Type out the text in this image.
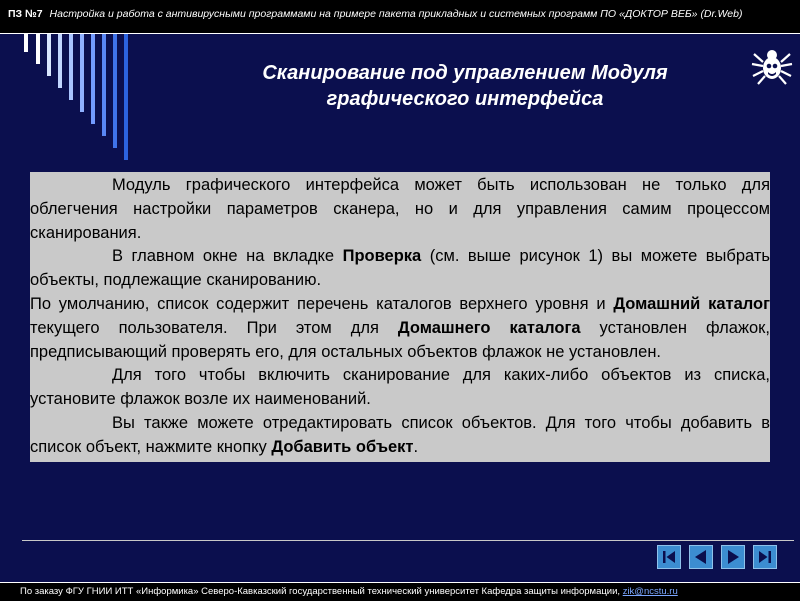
ПЗ №7 Настройка и работа с антивирусными программами на примере пакета прикладных и системных программ ПО «ДОКТОР ВЕБ» (Dr.Web)
Сканирование под управлением Модуля
графического интерфейса

Модуль графического интерфейса может быть использован не только для облегчения настройки параметров сканера, но и для управления самим процессом сканирования.

В главном окне на вкладке Проверка (см. выше рисунок 1) вы можете выбрать объекты, подлежащие сканированию.

По умолчанию, список содержит перечень каталогов верхнего уровня и Домашний каталог текущего пользователя. При этом для Домашнего каталога установлен флажок, предписывающий проверять его, для остальных объектов флажок не установлен.

Для того чтобы включить сканирование для каких-либо объектов из списка, установите флажок возле их наименований.

Вы также можете отредактировать список объектов. Для того чтобы добавить в список объект, нажмите кнопку Добавить объект.

По заказу ФГУ ГНИИ ИТТ «Информика» Северо-Кавказский государственный технический университет Кафедра защиты информации, zik@ncstu.ru
